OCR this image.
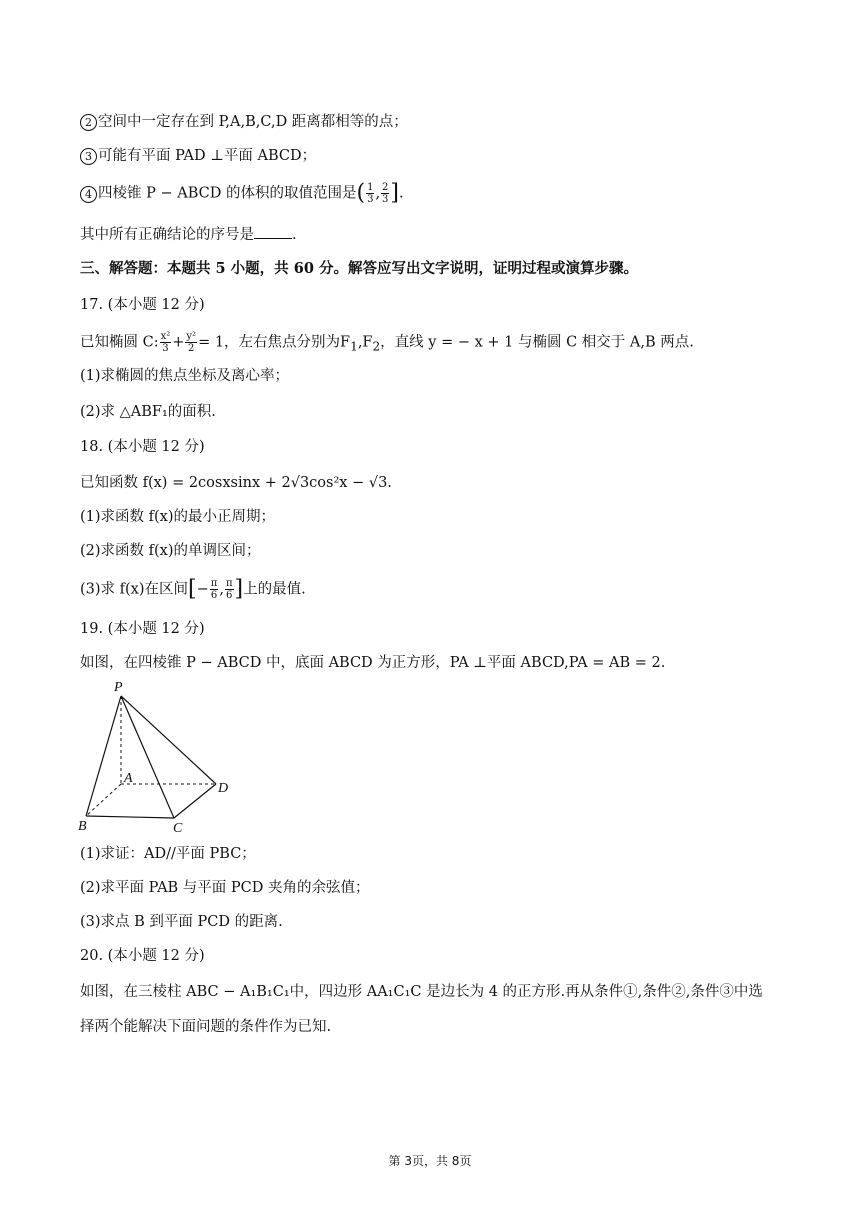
2 空间中一定存在到 P,A,B,C,D 距离都相等的点；
3 可能有平面 PAD ⊥平面 ABCD；
4 四棱锥 P − ABCD 的体积的取值范围是( $\frac{1}{3}$ , $\frac{2}{3}$ ].
其中所有正确结论的序号是	.
三、解答题：本题共 5 小题，共 60 分。解答应写出文字说明，证明过程或演算步骤。
17. (本小题 12 分)
已知椭圆 C: $\frac{\text{x²}}{3} + \frac{\text{y²}}{2} = 1$，左右焦点分别为$F_1,F_2$，直线 y = − x + 1 与椭圆 C 相交于 A,B 两点.
(1)求椭圆的焦点坐标及离心率；
(2)求 △ABF₁的面积.
18. (本小题 12 分)
已知函数 f(x) = 2cosxsinx + 2√3cos²x − √3.
(1)求函数 f(x)的最小正周期；
(2)求函数 f(x)的单调区间；
(3)求 f(x)在区间[− $\frac{\pi}{6}$ , $\frac{\pi}{6}$ ]上的最值.
19. (本小题 12 分)
如图，在四棱锥 P − ABCD 中，底面 ABCD 为正方形，PA ⊥平面 ABCD,PA = AB = 2.
P
A
B	C
D
(1)求证：AD//平面 PBC；
(2)求平面 PAB 与平面 PCD 夹角的余弦值；
(3)求点 B 到平面 PCD 的距离.
20. (本小题 12 分)
如图，在三棱柱 ABC − A₁B₁C₁中，四边形 AA₁C₁C 是边长为 4 的正方形.再从条件①,条件②,条件③中选
择两个能解决下面问题的条件作为已知.
第 3页，共 8页
